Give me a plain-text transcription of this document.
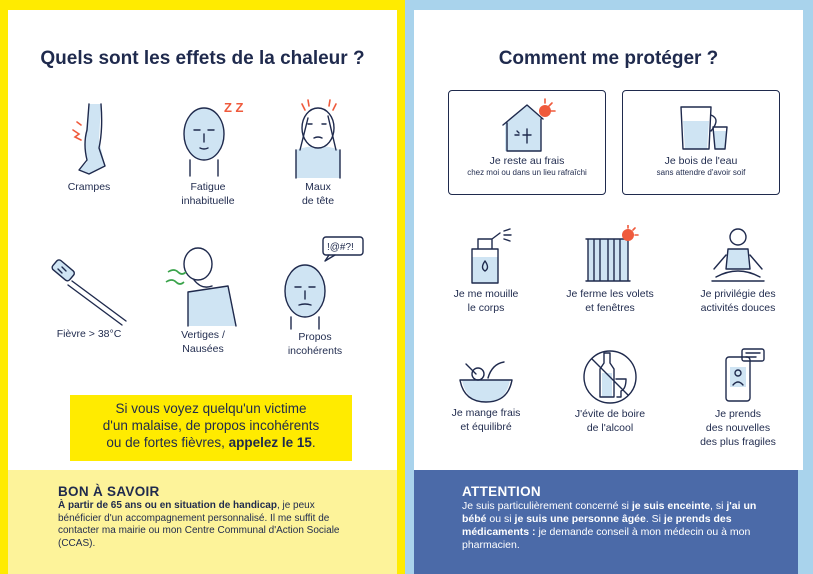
Quels sont les effets de la chaleur ?
Crampes
Z Z
Fatigue
inhabituelle
Maux
de tête
Fièvre > 38°C	Vertiges /
Nausées
!@#?!
Propos
incohérents
Si vous voyez quelqu'un victime
d'un malaise, de propos incohérents
ou de fortes fièvres, appelez le 15.
BON À SAVOIR
À partir de 65 ans ou en situation de handicap, je peux bénéficier d'un accompagnement personnalisé. Il me suffit de contacter ma mairie ou mon Centre Communal d'Action Sociale (CCAS).
Comment me protéger ?
Je reste au frais
chez moi ou dans un lieu rafraîchi
Je bois de l'eau
sans attendre d'avoir soif
Je me mouille
le corps
Je ferme les volets
et fenêtres
Je privilégie des
activités douces
Je mange frais
et équilibré
J'évite de boire
de l'alcool
Je prends
des nouvelles
des plus fragiles
ATTENTION
Je suis particulièrement concerné si je suis enceinte, si j'ai un bébé ou si je suis une personne âgée. Si je prends des médicaments : je demande conseil à mon médecin ou à mon pharmacien.
